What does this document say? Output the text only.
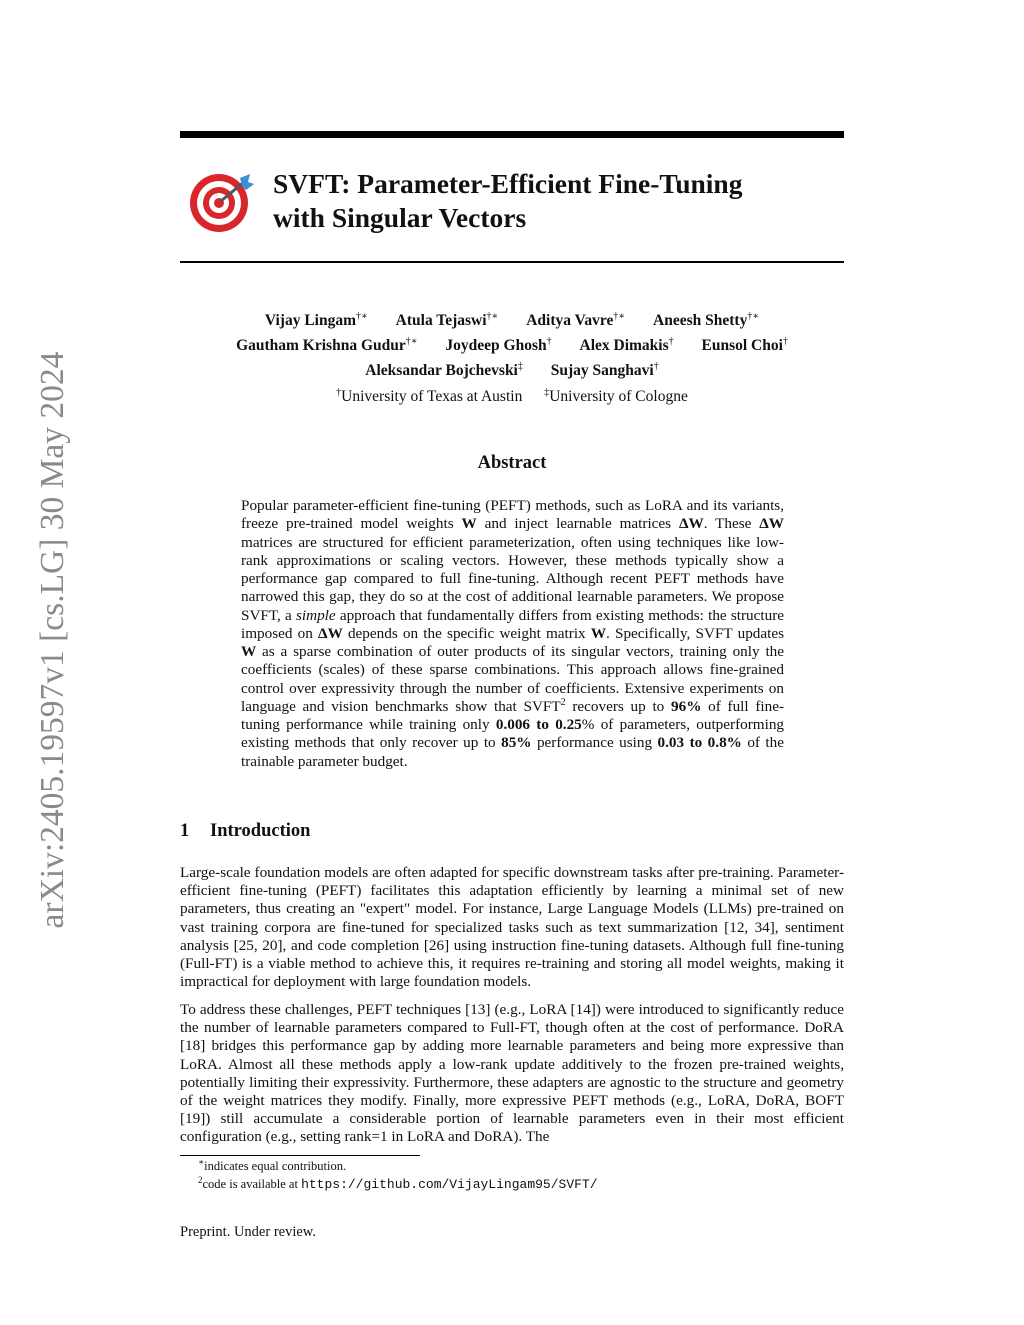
arXiv:2405.19597v1 [cs.LG] 30 May 2024
SVFT: Parameter-Efficient Fine-Tuning
with Singular Vectors
Vijay Lingam†∗ Atula Tejaswi†∗ Aditya Vavre†∗ Aneesh Shetty†∗
Gautham Krishna Gudur†∗ Joydeep Ghosh† Alex Dimakis† Eunsol Choi†
Aleksandar Bojchevski‡ Sujay Sanghavi†
†University of Texas at Austin ‡University of Cologne
Abstract
Popular parameter-efficient fine-tuning (PEFT) methods, such as LoRA and its variants, freeze pre-trained model weights W and inject learnable matrices ΔW. These ΔW matrices are structured for efficient parameterization, often using techniques like low-rank approximations or scaling vectors. However, these methods typically show a performance gap compared to full fine-tuning. Although recent PEFT methods have narrowed this gap, they do so at the cost of additional learnable parameters. We propose SVFT, a simple approach that fundamentally differs from existing methods: the structure imposed on ΔW depends on the specific weight matrix W. Specifically, SVFT updates W as a sparse combination of outer products of its singular vectors, training only the coefficients (scales) of these sparse combinations. This approach allows fine-grained control over expressivity through the number of coefficients. Extensive experiments on language and vision benchmarks show that SVFT$^2$ recovers up to 96% of full fine-tuning performance while training only 0.006 to 0.25% of parameters, outperforming existing methods that only recover up to 85% performance using 0.03 to 0.8% of the trainable parameter budget.
1 Introduction

Large-scale foundation models are often adapted for specific downstream tasks after pre-training. Parameter-efficient fine-tuning (PEFT) facilitates this adaptation efficiently by learning a minimal set of new parameters, thus creating an "expert" model. For instance, Large Language Models (LLMs) pre-trained on vast training corpora are fine-tuned for specialized tasks such as text summarization [12, 34], sentiment analysis [25, 20], and code completion [26] using instruction fine-tuning datasets. Although full fine-tuning (Full-FT) is a viable method to achieve this, it requires re-training and storing all model weights, making it impractical for deployment with large foundation models.

To address these challenges, PEFT techniques [13] (e.g., LoRA [14]) were introduced to significantly reduce the number of learnable parameters compared to Full-FT, though often at the cost of performance. DoRA [18] bridges this performance gap by adding more learnable parameters and being more expressive than LoRA. Almost all these methods apply a low-rank update additively to the frozen pre-trained weights, potentially limiting their expressivity. Furthermore, these adapters are agnostic to the structure and geometry of the weight matrices they modify. Finally, more expressive PEFT methods (e.g., LoRA, DoRA, BOFT [19]) still accumulate a considerable portion of learnable parameters even in their most efficient configuration (e.g., setting rank=1 in LoRA and DoRA). The

∗indicates equal contribution.
$^2$code is available at https://github.com/VijayLingam95/SVFT/
Preprint. Under review.
